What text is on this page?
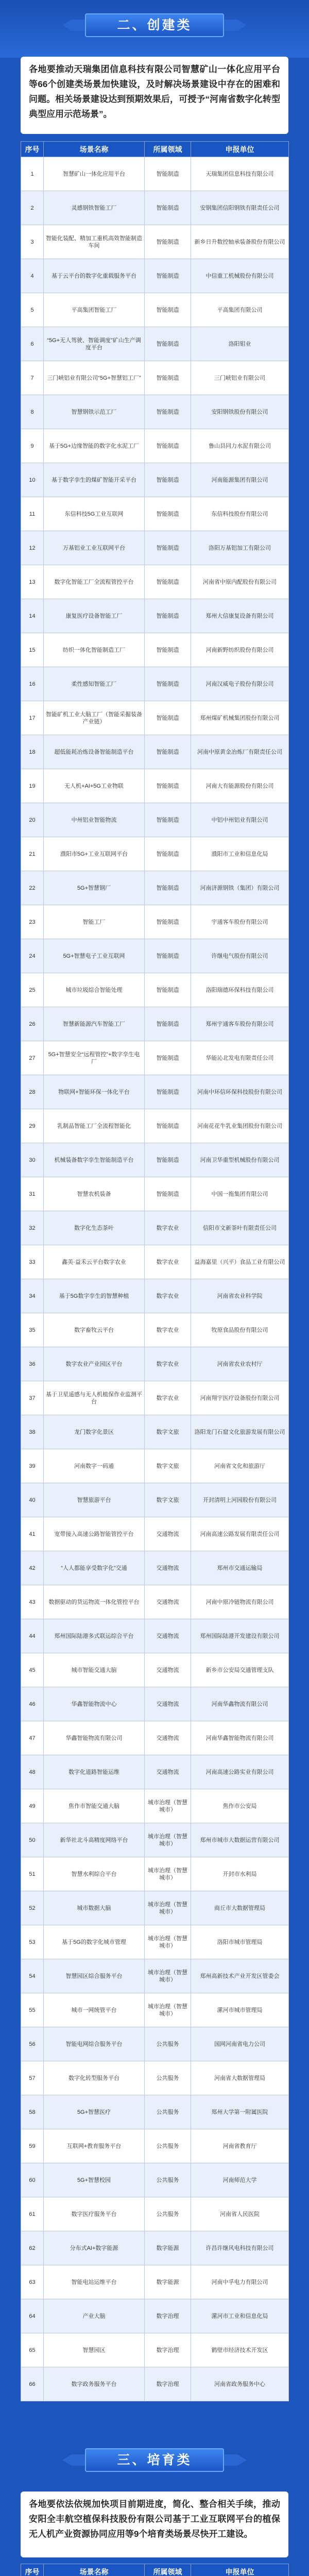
二、创建类
各地要推动天瑞集团信息科技有限公司智慧矿山一体化应用平台等66个创建类场景加快建设，及时解决场景建设中存在的困难和问题。相关场景建设达到预期效果后，可授予“河南省数字化转型典型应用示范场景”。
序号	场景名称	所属领域	申报单位
1	智慧矿山一体化应用平台	智能制造	天瑞集团信息科技有限公司
2	灵感钢铁智能工厂	智能制造	安钢集团信阳钢铁有限责任公司
3	智能化装配、精加工重机高效智能制造车间	智能制造	新乡日升数控轴承装备股份有限公司
4	基于云平台的数字化重载服务平台	智能制造	中信重工机械股份有限公司
5	平高集团智能工厂	智能制造	平高集团有限公司
6	“5G+无人驾驶、智能调度”矿山生产调度平台	智能制造	洛阳钼业
7	三门峡铝业有限公司“5G+智慧铝工厂”	智能制造	三门峡铝业有限公司
8	智慧钢铁示范工厂	智能制造	安阳钢铁股份有限公司
9	基于5G+边缘智能的数字化水泥工厂	智能制造	鲁山县同力水泥有限公司
10	基于数字孪生的煤矿智能开采平台	智能制造	河南能源集团有限公司
11	东信科技5G工业互联网	智能制造	东信科技股份有限公司
12	万基铝业工业互联网平台	智能制造	洛阳万基铝加工有限公司
13	数字化智能工厂全流程管控平台	智能制造	河南省中原内配股份有限公司
14	康复医疗设备智能工厂	智能制造	郑州大信康复设备有限公司
15	纺织一体化智能制造工厂	智能制造	河南新野纺织股份有限公司
16	柔性感知智能工厂	智能制造	河南汉威电子股份有限公司
17	智能矿机工业大脑工厂（智能采掘装备产业链）	智能制造	郑州煤矿机械集团股份有限公司
18	超低能耗冶炼设备智能制造平台	智能制造	河南中原黄金冶炼厂有限责任公司
19	无人机+AI+5G工业物联	智能制造	河南大有能源股份有限公司
20	中州铝业智能物流	智能制造	中铝中州铝业有限公司
21	濮阳市5G+工业互联网平台	智能制造	濮阳市工业和信息化局
22	5G+智慧钢厂	智能制造	河南济源钢铁（集团）有限公司
23	智能工厂	智能制造	宇通客车股份有限公司
24	5G+智慧电子工业互联网	智能制造	许继电气股份有限公司
25	城市垃圾综合智能处理	智能制造	洛阳瑞德环保科技有限公司
26	智慧新能源汽车智能工厂	智能制造	郑州宇通客车股份有限公司
27	5G+智慧安全“远程管控”+数字孪生电厂	智能制造	华能沁北发电有限责任公司
28	物联网+智能环保一体化平台	智能制造	河南中环信环保科技股份有限公司
29	乳制品智能工厂全流程智能化	智能制造	河南花花牛乳业集团股份有限公司
30	机械装备数字孪生智能制造平台	智能制造	河南卫华重型机械股份有限公司
31	智慧农机装备	智能制造	中国一拖集团有限公司
32	数字化生态茶叶	数字农业	信阳市文新茶叶有限责任公司
33	鑫美·益禾云平台数字农业	数字农业	益海嘉里（兴平）食品工业有限公司
34	基于5G数字孪生的智慧种植	数字农业	河南省农业科学院
35	数字畜牧云平台	数字农业	牧原食品股份有限公司
36	数字农业产业园区平台	数字农业	河南省农业农村厅
37	基于卫星遥感与无人机植保作业监测平台	数字农业	河南翔宇医疗设备股份有限公司
38	龙门数字化景区	数字文旅	洛阳龙门石窟文化旅游发展有限公司
39	河南数字一码通	数字文旅	河南省文化和旅游厅
40	智慧旅游平台	数字文旅	开封清明上河园股份有限公司
41	宽带接入高速公路智能管控平台	交通物流	河南高速公路发展有限责任公司
42	“人人都能享受数字化”交通	交通物流	郑州市交通运输局
43	数据驱动的货运物流一体化管控平台	交通物流	河南中原冷链物流有限公司
44	郑州国际陆港多式联运综合平台	交通物流	郑州国际陆港开发建设有限公司
45	城市智能交通大脑	交通物流	新乡市公安局交通管理支队
46	华鑫智能物流中心	交通物流	河南华鑫物流有限公司
47	华鑫智能物流有限公司	交通物流	河南华鑫智能物流有限公司
48	数字化道路智能运维	交通物流	河南高速公路实业有限公司
49	焦作市智能交通大脑	城市治理（智慧城市）	焦作市公安局
50	新华社北斗高精度网络平台	城市治理（智慧城市）	郑州市城市大数据运营有限公司
51	智慧水利综合平台	城市治理（智慧城市）	开封市水利局
52	城市数据大脑	城市治理（智慧城市）	商丘市大数据管理局
53	基于5G的数字化城市管理	城市治理（智慧城市）	洛阳市城市管理局
54	智慧园区综合服务平台	城市治理（智慧城市）	郑州高新技术产业开发区管委会
55	城市一网统管平台	城市治理（智慧城市）	漯河市城市管理局
56	智能电网综合服务平台	公共服务	国网河南省电力公司
57	数字化转型服务平台	公共服务	河南省大数据管理局
58	5G+智慧医疗	公共服务	郑州大学第一附属医院
59	互联网+教育服务平台	公共服务	河南省教育厅
60	5G+智慧校园	公共服务	河南师范大学
61	数字医疗服务平台	公共服务	河南省人民医院
62	分布式AI+数字能源	数字能源	许昌许继风电科技有限公司
63	智能电站运维平台	数字能源	河南中孚电力有限公司
64	产业大脑	数字治理	漯河市工业和信息化局
65	智慧园区	数字治理	鹤壁市经济技术开发区
66	数字政务服务平台	数字治理	河南省政务服务中心
三、培育类
各地要依法依规加快项目前期进度，简化、整合相关手续，推动安阳全丰航空植保科技股份有限公司基于工业互联网平台的植保无人机产业资源协同应用等9个培育类场景尽快开工建设。
序号	场景名称	所属领域	申报单位
